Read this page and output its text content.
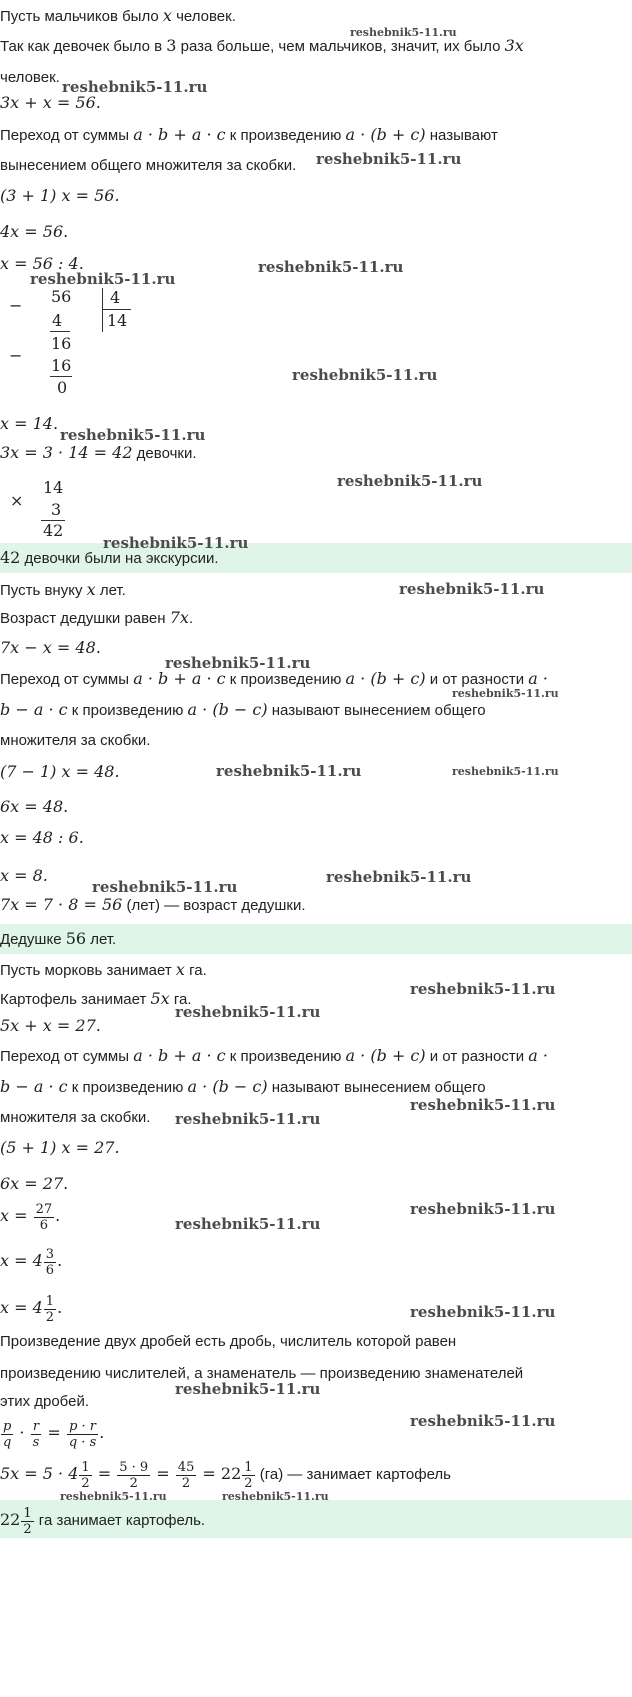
Пусть мальчиков было x человек.
Так как девочек было в 3 раза больше, чем мальчиков, значит, их было 3x
человек.
3x + x = 56.
Переход от суммы a · b + a · c к произведению a · (b + c) называют
вынесением общего множителя за скобки.
(3 + 1) x = 56.
4x = 56.
x = 56 : 4.
− 56
4
4
14
−
16
16
0
x = 14.
3x = 3 · 14 = 42 девочки.
×
14
3
42
42 девочки были на экскурсии.
Пусть внуку x лет.
Возраст дедушки равен 7x.
7x − x = 48.
Переход от суммы a · b + a · c к произведению a · (b + c) и от разности a ·
b − a · c к произведению a · (b − c) называют вынесением общего
множителя за скобки.
(7 − 1) x = 48.
6x = 48.
x = 48 : 6.
x = 8.
7x = 7 · 8 = 56 (лет) — возраст дедушки.
Дедушке 56 лет.
Пусть морковь занимает x га.
Картофель занимает 5x га.
5x + x = 27.
Переход от суммы a · b + a · c к произведению a · (b + c) и от разности a ·
b − a · c к произведению a · (b − c) называют вынесением общего
множителя за скобки.
(5 + 1) x = 27.
6x = 27.
$x = \frac{27}{6}$ .
$x = 4 \frac{3}{6}$ .
$x = 4 \frac{1}{2}$ .
Произведение двух дробей есть дробь, числитель которой равен
произведению числителей, а знаменатель — произведению знаменателей
этих дробей.
$\frac{p}{q} \cdot \frac{r}{s} = \frac{p \cdot r}{q \cdot s}$ .
$5x = 5 \cdot 4 \frac{1}{2} = \frac{5 \cdot 9}{2} = \frac{45}{2} = 22 \frac{1}{2} (га)$ — занимает картофель
$22 \frac{1}{2}$ га занимает картофель.
reshebnik5-11.ru
reshebnik5-11.ru
reshebnik5-11.ru
reshebnik5-11.ru
reshebnik5-11.ru
reshebnik5-11.ru
reshebnik5-11.ru
reshebnik5-11.ru
reshebnik5-11.ru
reshebnik5-11.ru
reshebnik5-11.ru
reshebnik5-11.ru
reshebnik5-11.ru	reshebnik5-11.ru
reshebnik5-11.ru
reshebnik5-11.ru
reshebnik5-11.ru
reshebnik5-11.ru
reshebnik5-11.ru
reshebnik5-11.ru
reshebnik5-11.ru
reshebnik5-11.ru
reshebnik5-11.ru
reshebnik5-11.ru
reshebnik5-11.ru
reshebnik5-11.ru	reshebnik5-11.ru
